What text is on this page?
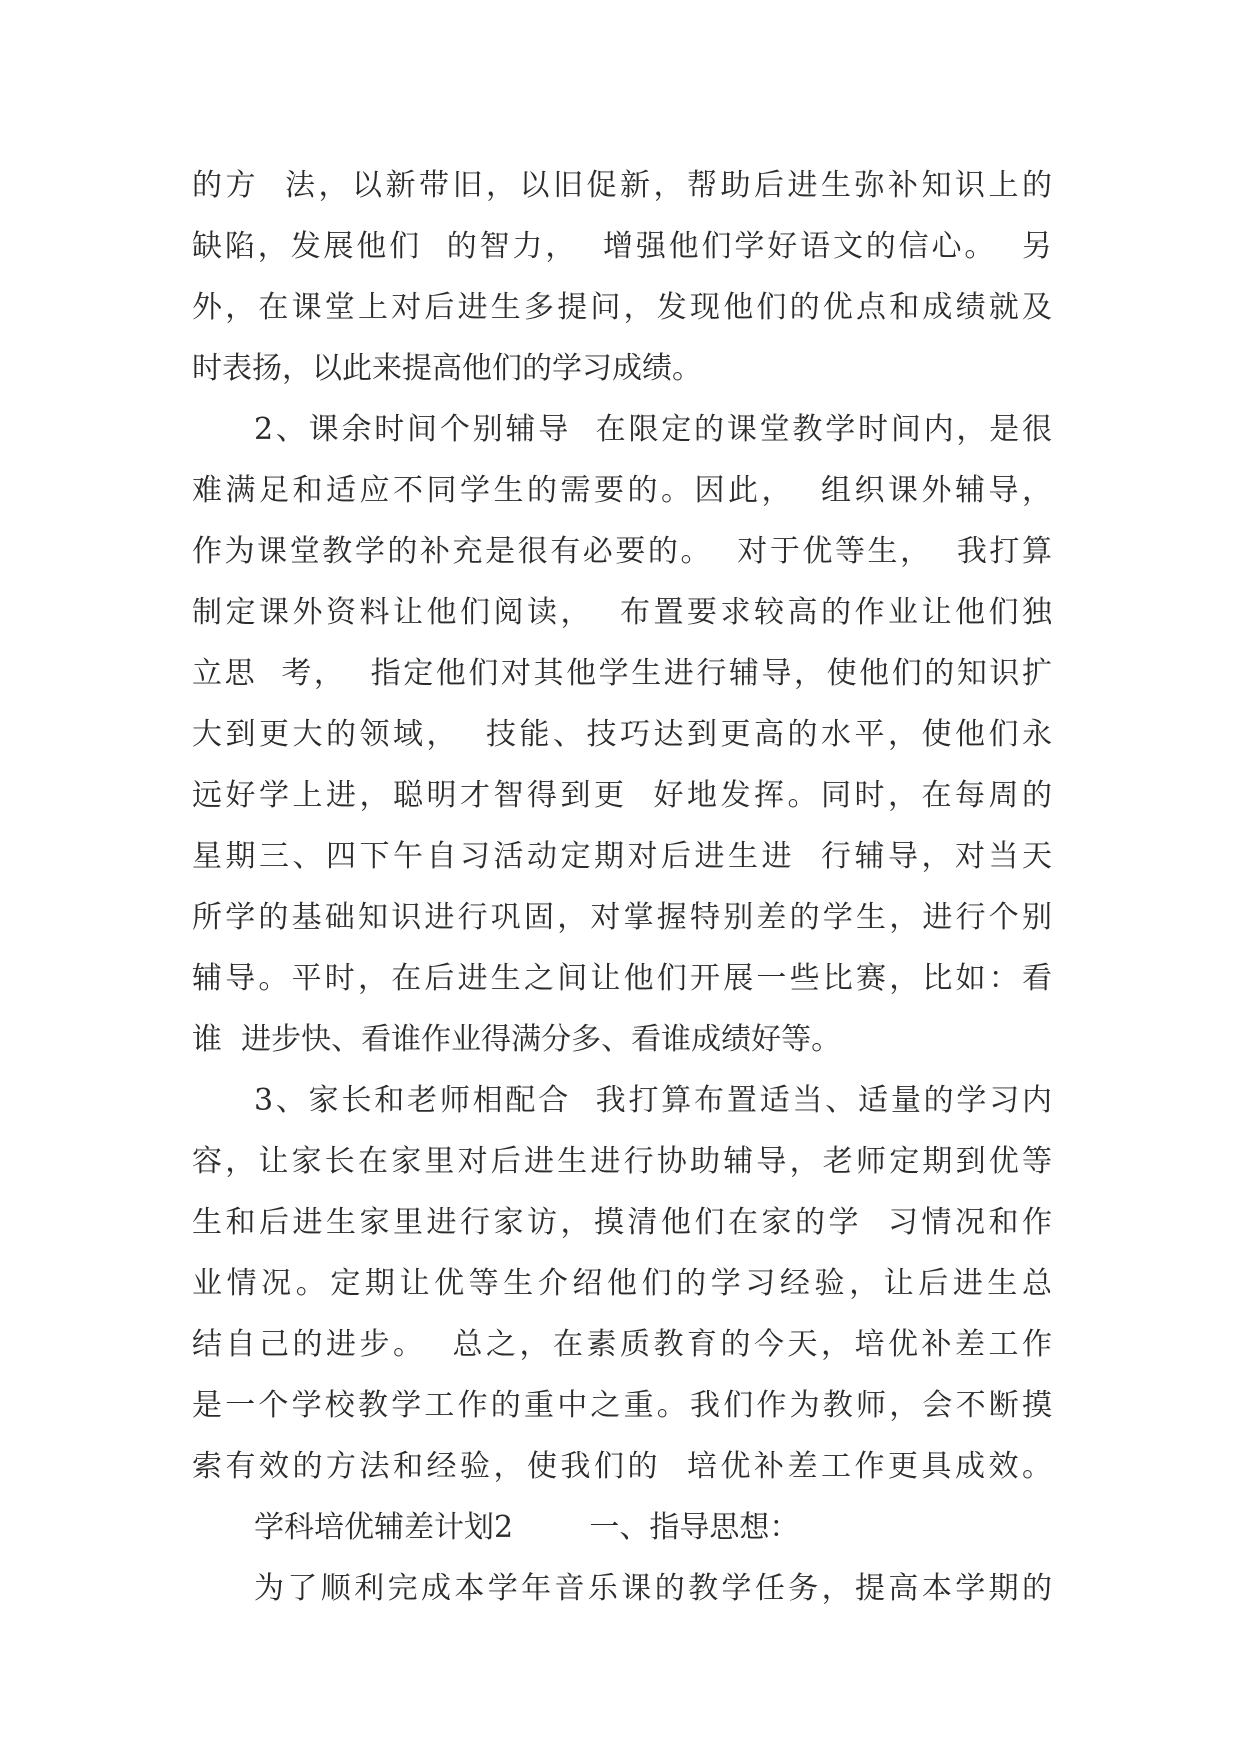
的方  法，以新带旧，以旧促新，帮助后进生弥补知识上的
缺陷，发展他们  的智力，  增强他们学好语文的信心。  另
外，在课堂上对后进生多提问，发现他们的优点和成绩就及
时表扬，以此来提高他们的学习成绩。
2、课余时间个别辅导  在限定的课堂教学时间内，是很
难满足和适应不同学生的需要的。因此，  组织课外辅导，
作为课堂教学的补充是很有必要的。  对于优等生，  我打算
制定课外资料让他们阅读，  布置要求较高的作业让他们独
立思  考，  指定他们对其他学生进行辅导，使他们的知识扩
大到更大的领域，  技能、技巧达到更高的水平，使他们永
远好学上进，聪明才智得到更  好地发挥。同时，在每周的
星期三、四下午自习活动定期对后进生进  行辅导，对当天
所学的基础知识进行巩固，对掌握特别差的学生，进行个别
辅导。平时，在后进生之间让他们开展一些比赛，比如：看
谁  进步快、看谁作业得满分多、看谁成绩好等。
3、家长和老师相配合  我打算布置适当、适量的学习内
容，让家长在家里对后进生进行协助辅导，老师定期到优等
生和后进生家里进行家访，摸清他们在家的学  习情况和作
业情况。定期让优等生介绍他们的学习经验，让后进生总
结自己的进步。  总之，在素质教育的今天，培优补差工作
是一个学校教学工作的重中之重。我们作为教师，会不断摸
索有效的方法和经验，使我们的  培优补差工作更具成效。
学科培优辅差计划2        一、指导思想：
为了顺利完成本学年音乐课的教学任务，提高本学期的
